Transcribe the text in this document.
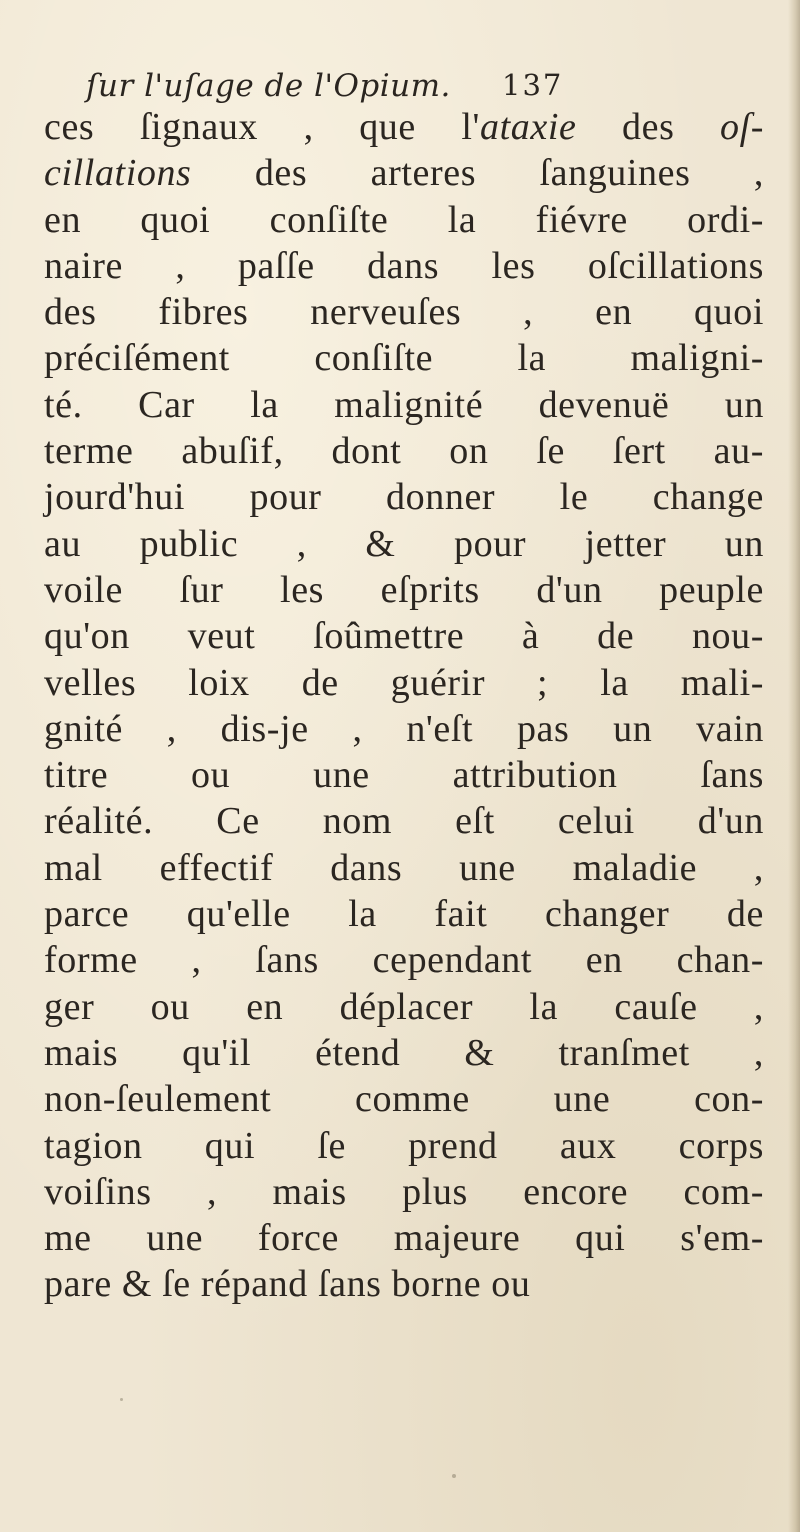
ſur l'uſage de l'Opium. 137
ces ſignaux , que l'ataxie des oſ-
cillations des arteres ſanguines ,
en quoi conſiſte la fiévre ordi-
naire , paſſe dans les oſcillations
des fibres nerveuſes , en quoi
préciſément conſiſte la maligni-
té. Car la malignité devenuë un
terme abuſif, dont on ſe ſert au-
jourd'hui pour donner le change
au public , & pour jetter un
voile ſur les eſprits d'un peuple
qu'on veut ſoûmettre à de nou-
velles loix de guérir ; la mali-
gnité , dis-je , n'eſt pas un vain
titre ou une attribution ſans
réalité. Ce nom eſt celui d'un
mal effectif dans une maladie ,
parce qu'elle la fait changer de
forme , ſans cependant en chan-
ger ou en déplacer la cauſe ,
mais qu'il étend & tranſmet ,
non-ſeulement comme une con-
tagion qui ſe prend aux corps
voiſins , mais plus encore com-
me une force majeure qui s'em-
pare & ſe répand ſans borne ou
